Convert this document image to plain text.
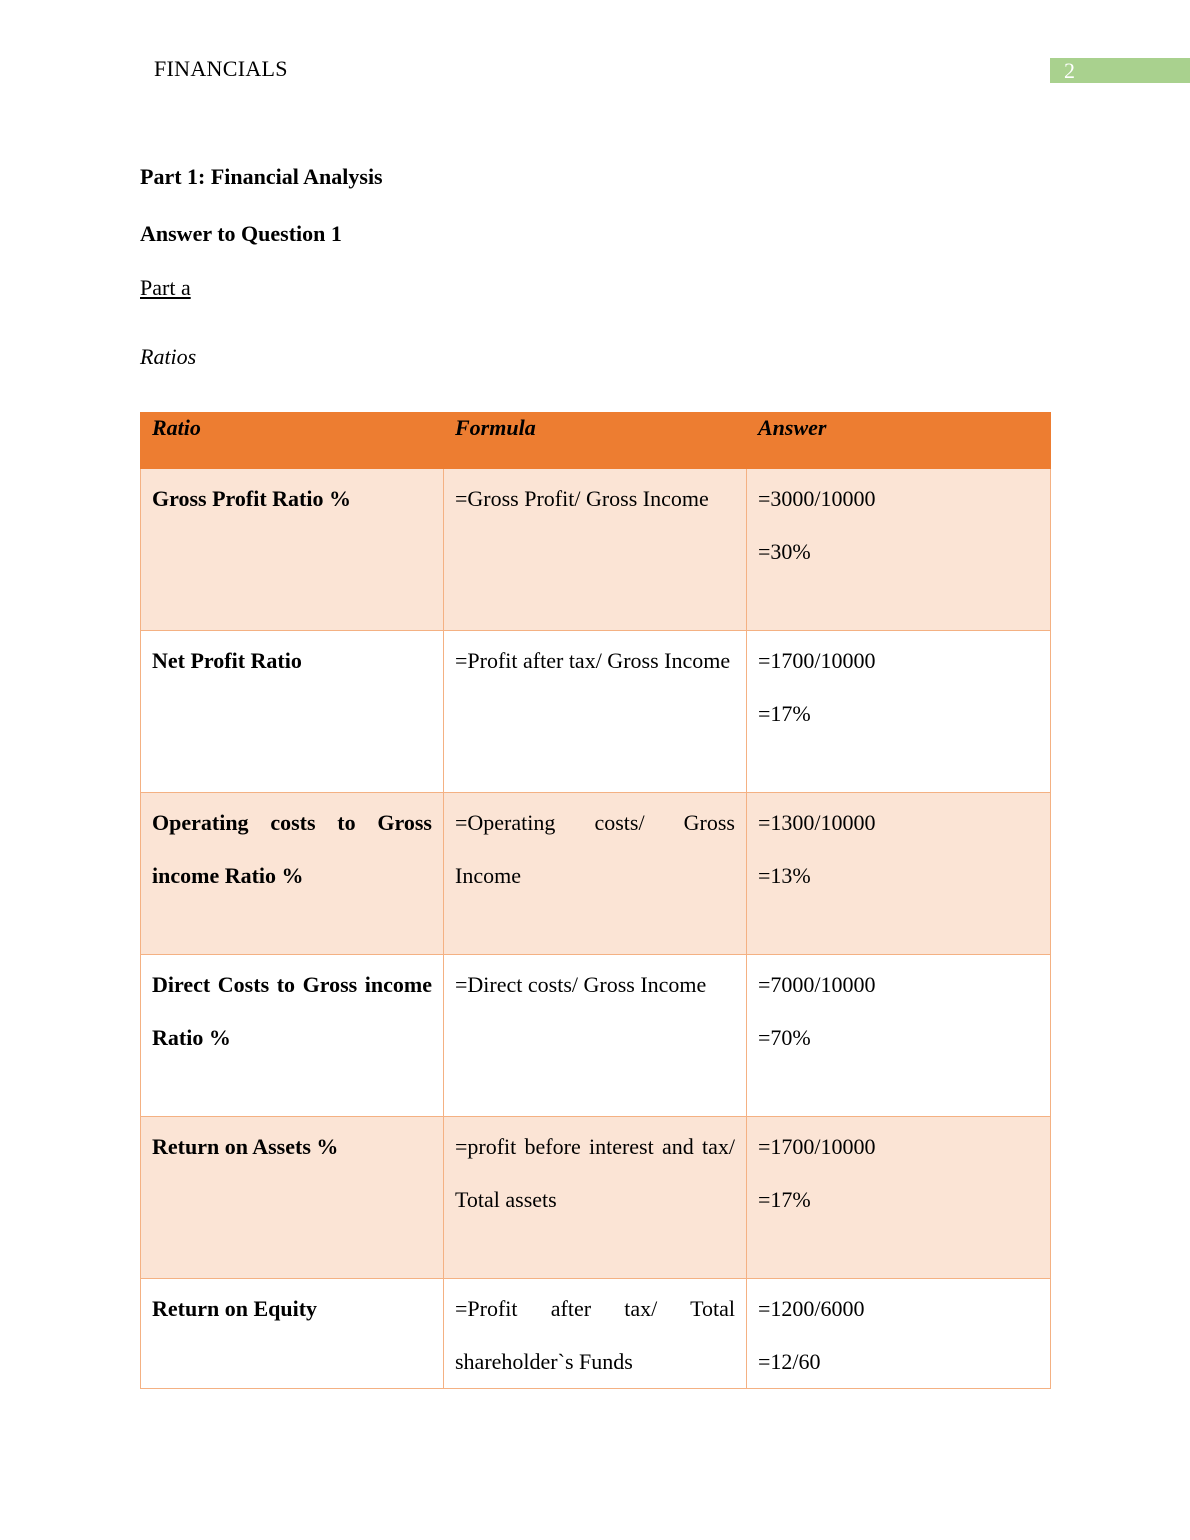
FINANCIALS	2
Part 1: Financial Analysis
Answer to Question 1
Part a
Ratios
Ratio	Formula	Answer
Gross Profit Ratio %	=Gross Profit/ Gross Income	=3000/10000
=30%

Net Profit Ratio	=Profit after tax/ Gross Income	=1700/10000
=17%

Operating costs to Gross income Ratio %	=Operating costs/ Gross Income	=1300/10000
=13%

Direct Costs to Gross income Ratio %	=Direct costs/ Gross Income	=7000/10000
=70%

Return on Assets %	=profit before interest and tax/ Total assets	=1700/10000
=17%

Return on Equity	=Profit after tax/ Total shareholder`s Funds	=1200/6000
=12/60
